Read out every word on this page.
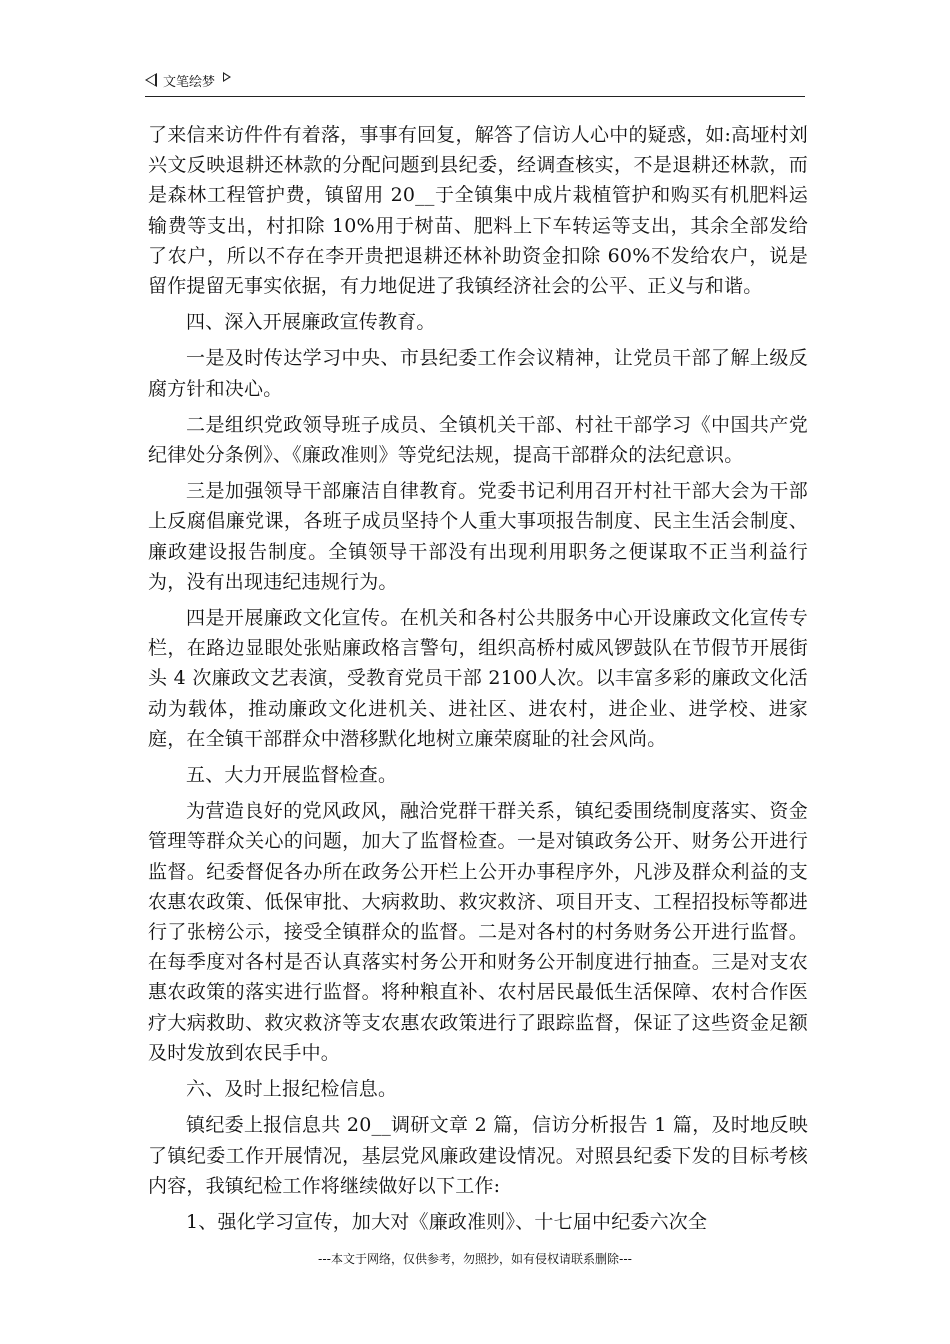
文笔绘梦

了来信来访件件有着落，事事有回复，解答了信访人心中的疑惑，如:高垭村刘兴文反映退耕还林款的分配问题到县纪委，经调查核实，不是退耕还林款，而是森林工程管护费，镇留用 20__于全镇集中成片栽植管护和购买有机肥料运输费等支出，村扣除 10%用于树苗、肥料上下车转运等支出，其余全部发给了农户，所以不存在李开贵把退耕还林补助资金扣除 60%不发给农户，说是留作提留无事实依据，有力地促进了我镇经济社会的公平、正义与和谐。

四、深入开展廉政宣传教育。

一是及时传达学习中央、市县纪委工作会议精神，让党员干部了解上级反腐方针和决心。

二是组织党政领导班子成员、全镇机关干部、村社干部学习《中国共产党纪律处分条例》、《廉政准则》等党纪法规，提高干部群众的法纪意识。

三是加强领导干部廉洁自律教育。党委书记利用召开村社干部大会为干部上反腐倡廉党课，各班子成员坚持个人重大事项报告制度、民主生活会制度、廉政建设报告制度。全镇领导干部没有出现利用职务之便谋取不正当利益行为，没有出现违纪违规行为。

四是开展廉政文化宣传。在机关和各村公共服务中心开设廉政文化宣传专栏，在路边显眼处张贴廉政格言警句，组织高桥村威风锣鼓队在节假节开展街头 4 次廉政文艺表演，受教育党员干部 2100人次。以丰富多彩的廉政文化活动为载体，推动廉政文化进机关、进社区、进农村，进企业、进学校、进家庭，在全镇干部群众中潜移默化地树立廉荣腐耻的社会风尚。

五、大力开展监督检查。

为营造良好的党风政风，融洽党群干群关系，镇纪委围绕制度落实、资金管理等群众关心的问题，加大了监督检查。一是对镇政务公开、财务公开进行监督。纪委督促各办所在政务公开栏上公开办事程序外，凡涉及群众利益的支农惠农政策、低保审批、大病救助、救灾救济、项目开支、工程招投标等都进行了张榜公示，接受全镇群众的监督。二是对各村的村务财务公开进行监督。在每季度对各村是否认真落实村务公开和财务公开制度进行抽查。三是对支农惠农政策的落实进行监督。将种粮直补、农村居民最低生活保障、农村合作医疗大病救助、救灾救济等支农惠农政策进行了跟踪监督，保证了这些资金足额及时发放到农民手中。

六、及时上报纪检信息。

镇纪委上报信息共 20__调研文章 2 篇，信访分析报告 1 篇，及时地反映了镇纪委工作开展情况，基层党风廉政建设情况。对照县纪委下发的目标考核内容，我镇纪检工作将继续做好以下工作:

1、强化学习宣传，加大对《廉政准则》、十七届中纪委六次全

---本文于网络，仅供参考，勿照抄，如有侵权请联系删除---
